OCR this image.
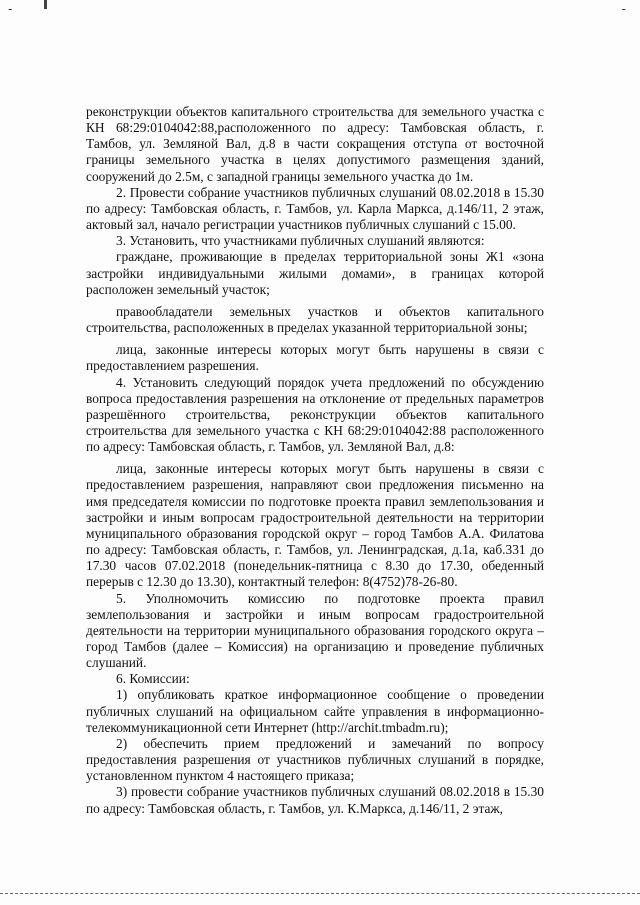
-	-

реконструкции объектов капитального строительства для земельного участка с КН 68:29:0104042:88,расположенного по адресу: Тамбовская область, г. Тамбов, ул. Земляной Вал, д.8 в части сокращения отступа от восточной границы земельного участка в целях допустимого размещения зданий, сооружений до 2.5м, с западной границы земельного участка до 1м.

2. Провести собрание участников публичных слушаний 08.02.2018 в 15.30 по адресу: Тамбовская область, г. Тамбов, ул. Карла Маркса, д.146/11, 2 этаж, актовый зал, начало регистрации участников публичных слушаний с 15.00.

3. Установить, что участниками публичных слушаний являются:

граждане, проживающие в пределах территориальной зоны Ж1 «зона застройки индивидуальными жилыми домами», в границах которой расположен земельный участок;

правообладатели земельных участков и объектов капитального строительства, расположенных в пределах указанной территориальной зоны;

лица, законные интересы которых могут быть нарушены в связи с предоставлением разрешения.

4. Установить следующий порядок учета предложений по обсуждению вопроса предоставления разрешения на отклонение от предельных параметров разрешённого строительства, реконструкции объектов капитального строительства для земельного участка с КН 68:29:0104042:88 расположенного по адресу: Тамбовская область, г. Тамбов, ул. Земляной Вал, д.8:

лица, законные интересы которых могут быть нарушены в связи с предоставлением разрешения, направляют свои предложения письменно на имя председателя комиссии по подготовке проекта правил землепользования и застройки и иным вопросам градостроительной деятельности на территории муниципального образования городской округ – город Тамбов А.А. Филатова по адресу: Тамбовская область, г. Тамбов, ул. Ленинградская, д.1а, каб.331 до 17.30 часов 07.02.2018 (понедельник-пятница с 8.30 до 17.30, обеденный перерыв с 12.30 до 13.30), контактный телефон: 8(4752)78-26-80.

5. Уполномочить комиссию по подготовке проекта правил землепользования и застройки и иным вопросам градостроительной деятельности на территории муниципального образования городского округа – город Тамбов (далее – Комиссия) на организацию и проведение публичных слушаний.

6. Комиссии:

1) опубликовать краткое информационное сообщение о проведении публичных слушаний на официальном сайте управления в информационно-телекоммуникационной сети Интернет (http://archit.tmbadm.ru);

2) обеспечить прием предложений и замечаний по вопросу предоставления разрешения от участников публичных слушаний в порядке, установленном пунктом 4 настоящего приказа;

3) провести собрание участников публичных слушаний 08.02.2018 в 15.30 по адресу: Тамбовская область, г. Тамбов, ул. К.Маркса, д.146/11, 2 этаж,
